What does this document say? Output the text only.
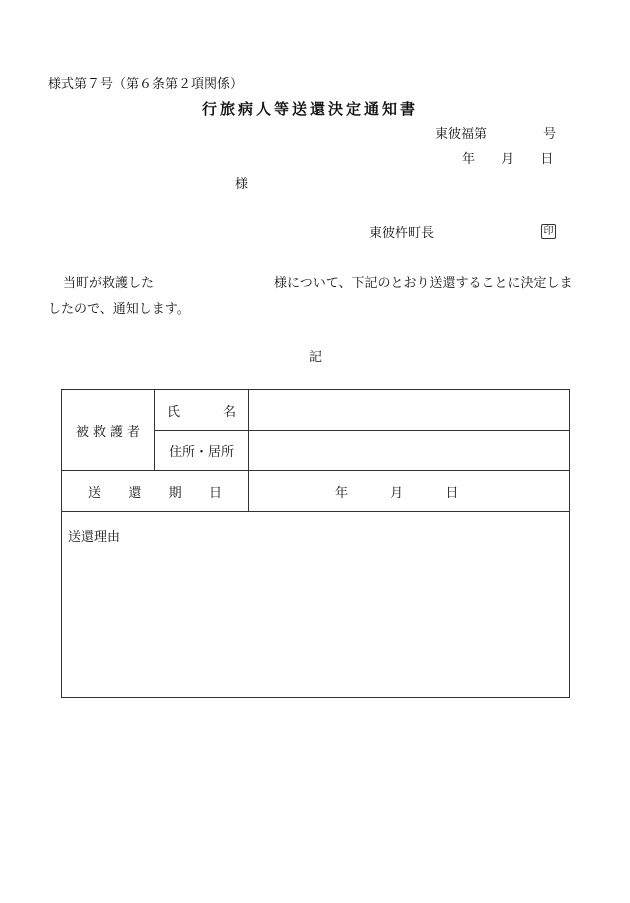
様式第７号（第６条第２項関係）
行旅病人等送還決定通知書
東彼福第	号
年 月 日
様
東彼杵町長	印
当町が救護した	様について、下記のとおり送還することに決定しま
したので、通知します。
記
被 救 護 者	氏 名	

	住所・居所	

送 還 期 日		年 月 日

送還理由		
